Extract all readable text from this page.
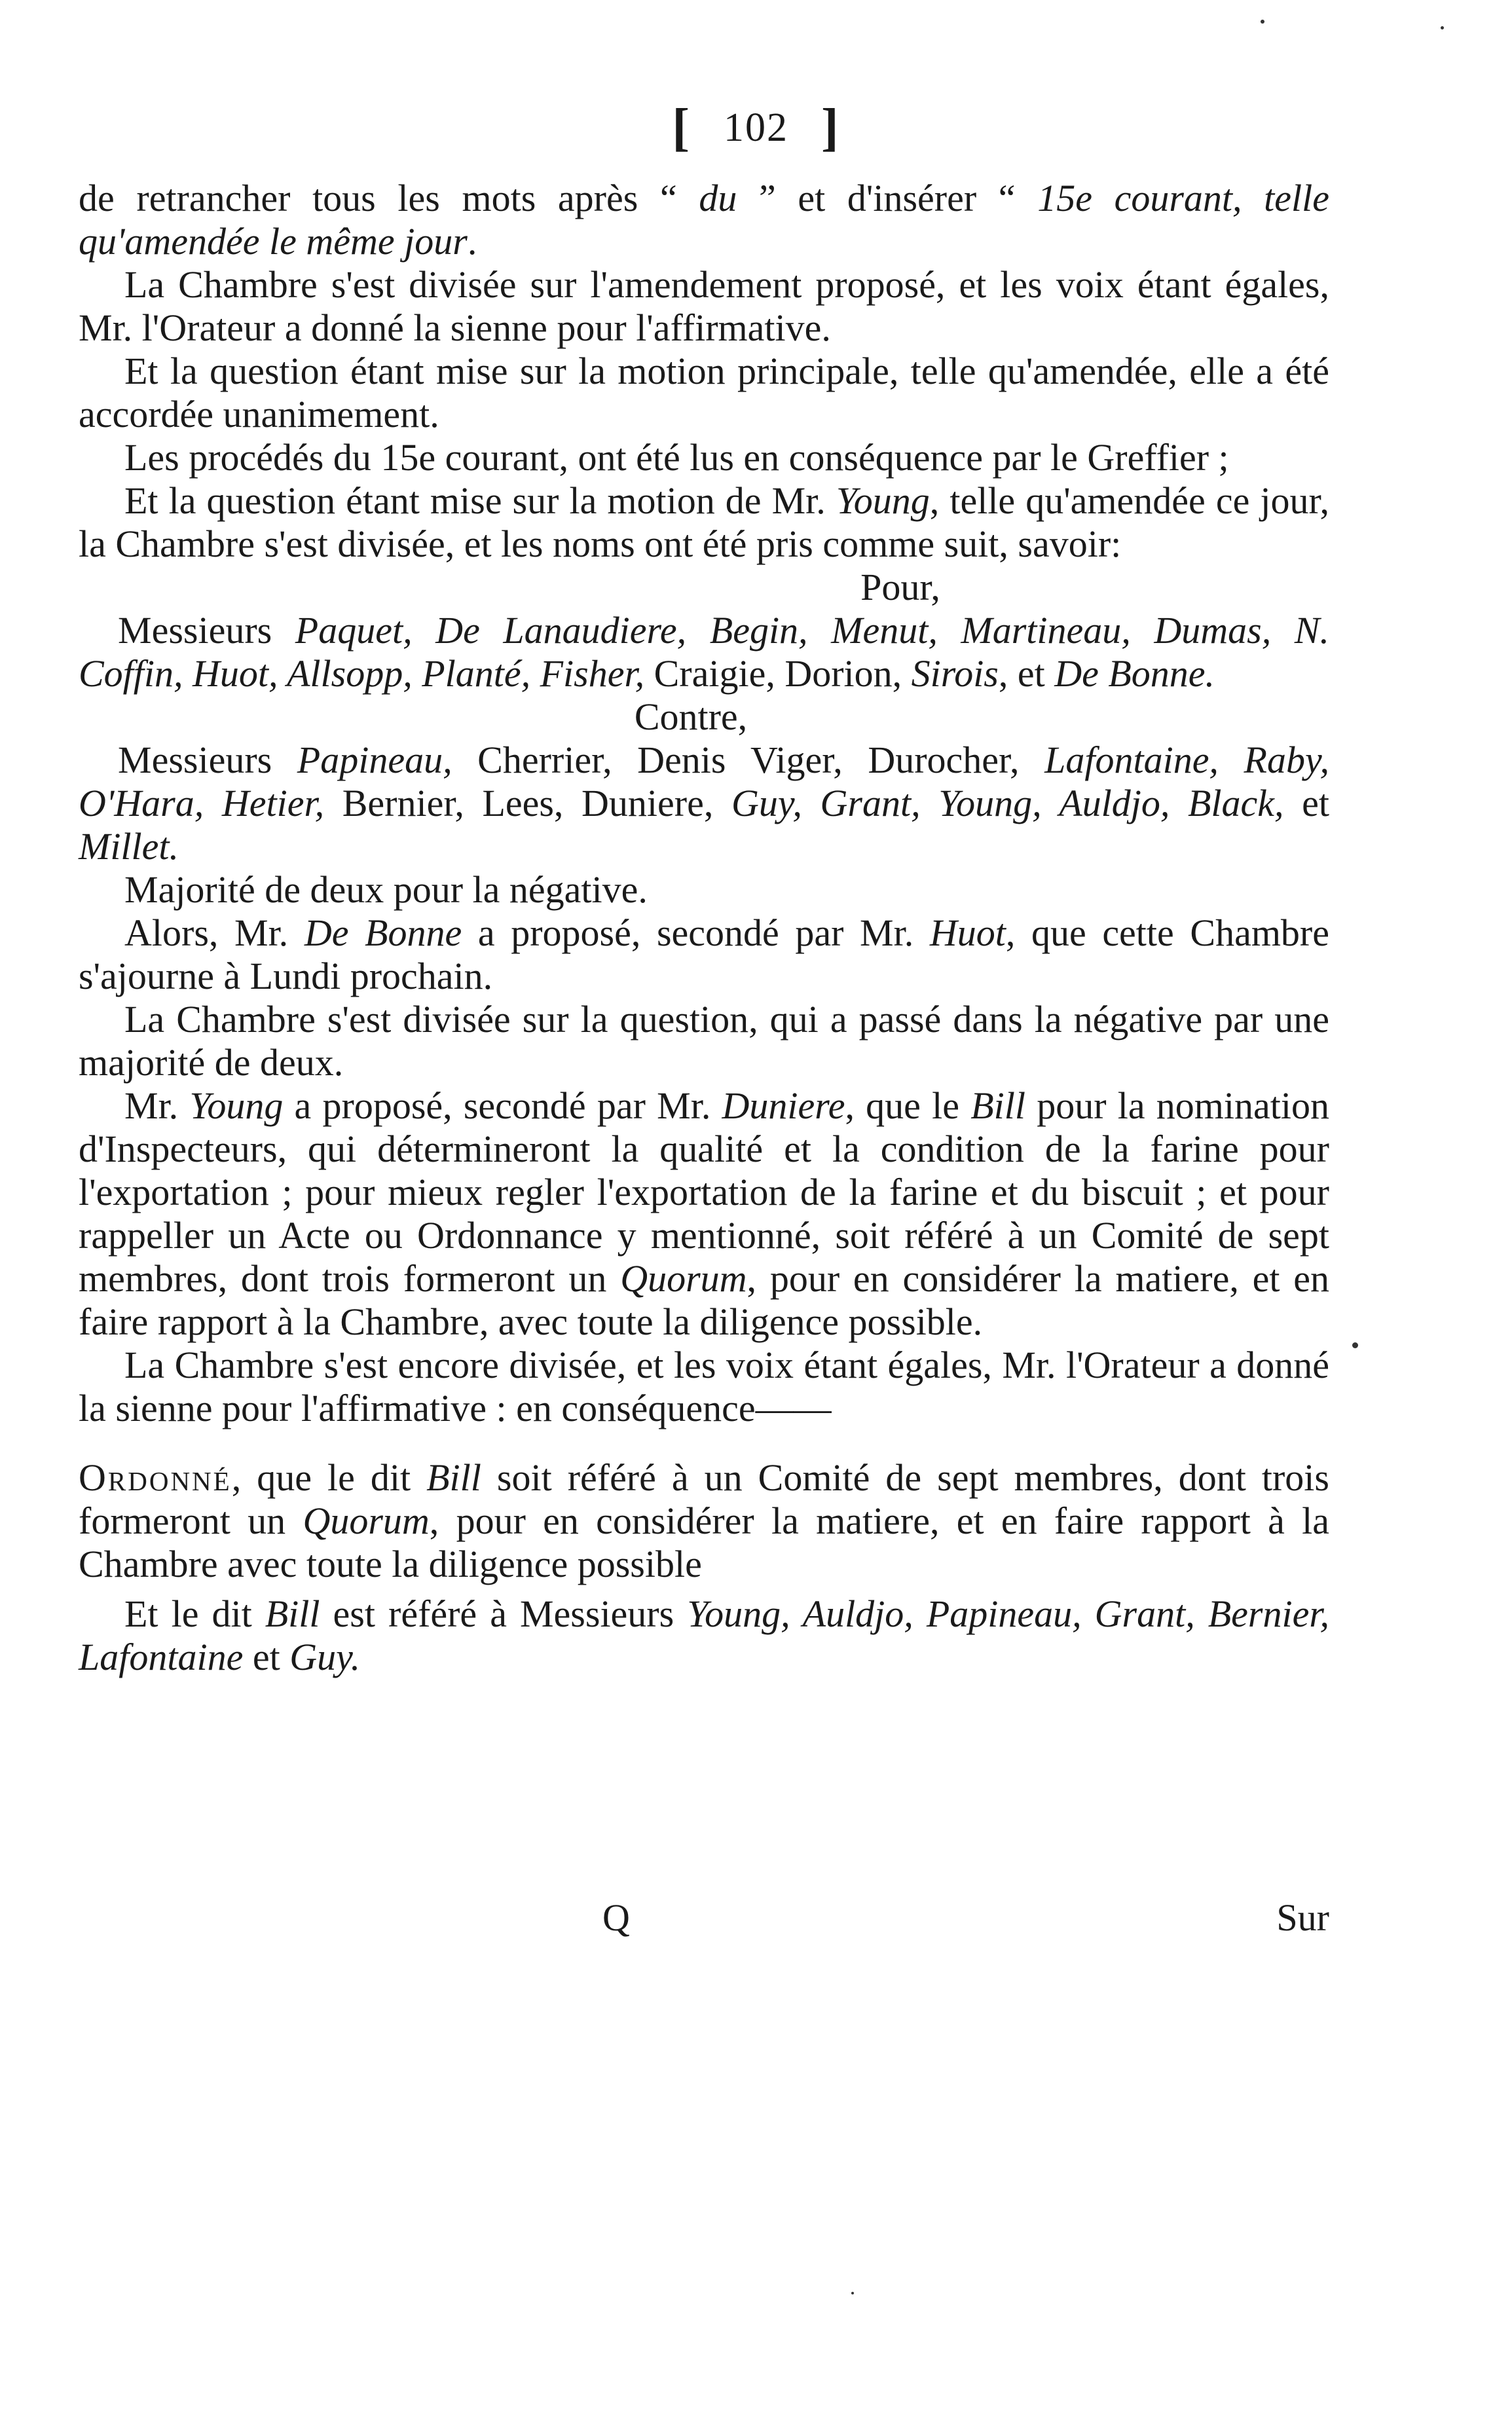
[ 102 ]

de retrancher tous les mots après “ du ” et d'insérer “ 15e courant, telle qu'amendée le même jour.

La Chambre s'est divisée sur l'amendement proposé, et les voix étant égales, Mr. l'Orateur a donné la sienne pour l'affirmative.

Et la question étant mise sur la motion principale, telle qu'amendée, elle a été accordée unanimement.

Les procédés du 15e courant, ont été lus en conséquence par le Greffier ;

Et la question étant mise sur la motion de Mr. Young, telle qu'amendée ce jour, la Chambre s'est divisée, et les noms ont été pris comme suit, savoir:

Pour,

Messieurs Paquet, De Lanaudiere, Begin, Menut, Martineau, Dumas, N. Coffin, Huot, Allsopp, Planté, Fisher, Craigie, Dorion, Sirois, et De Bonne.

Contre,

Messieurs Papineau, Cherrier, Denis Viger, Durocher, Lafontaine, Raby, O'Hara, Hetier, Bernier, Lees, Duniere, Guy, Grant, Young, Auldjo, Black, et Millet.

Majorité de deux pour la négative.

Alors, Mr. De Bonne a proposé, secondé par Mr. Huot, que cette Chambre s'ajourne à Lundi prochain.

La Chambre s'est divisée sur la question, qui a passé dans la négative par une majorité de deux.

Mr. Young a proposé, secondé par Mr. Duniere, que le Bill pour la nomination d'Inspecteurs, qui détermineront la qualité et la condition de la farine pour l'exportation ; pour mieux regler l'exportation de la farine et du biscuit ; et pour rappeller un Acte ou Ordonnance y mentionné, soit référé à un Comité de sept membres, dont trois formeront un Quorum, pour en considérer la matiere, et en faire rapport à la Chambre, avec toute la diligence possible.

La Chambre s'est encore divisée, et les voix étant égales, Mr. l'Orateur a donné la sienne pour l'affirmative : en conséquence——

Ordonné, que le dit Bill soit référé à un Comité de sept membres, dont trois formeront un Quorum, pour en considérer la matiere, et en faire rapport à la Chambre avec toute la diligence possible

Et le dit Bill est référé à Messieurs Young, Auldjo, Papineau, Grant, Bernier, Lafontaine et Guy.

Q	Sur
